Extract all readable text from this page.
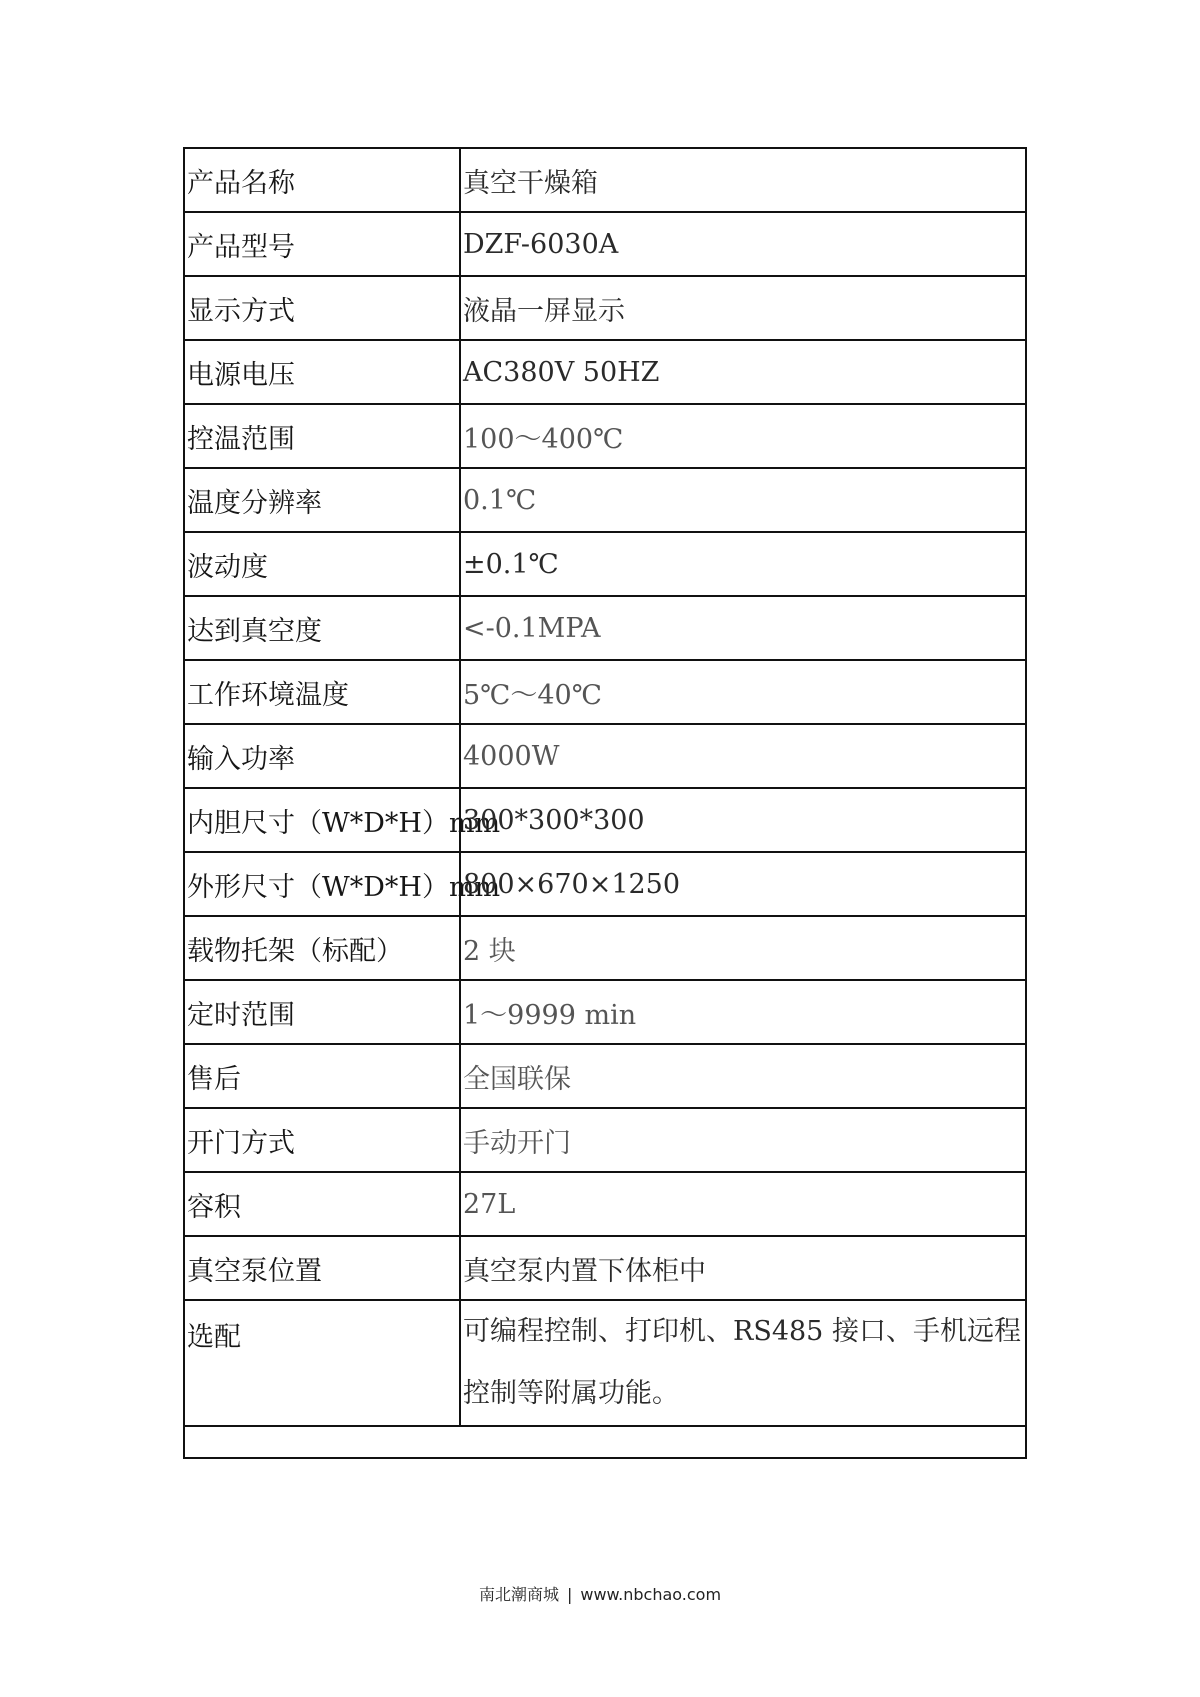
产品名称	真空干燥箱
产品型号	DZF-6030A
显示方式	液晶一屏显示
电源电压	AC380V 50HZ
控温范围	100～400℃
温度分辨率	0.1℃
波动度	±0.1℃
达到真空度	<-0.1MPA
工作环境温度	5℃～40℃
输入功率	4000W
内胆尺寸（W*D*H）mm	300*300*300
外形尺寸（W*D*H）mm	800×670×1250
载物托架（标配）	2 块
定时范围	1～9999 min
售后	全国联保
开门方式	手动开门
容积	27L
真空泵位置	真空泵内置下体柜中
选配	可编程控制、打印机、RS485 接口、手机远程控制等附属功能。

南北潮商城 | www.nbchao.com
